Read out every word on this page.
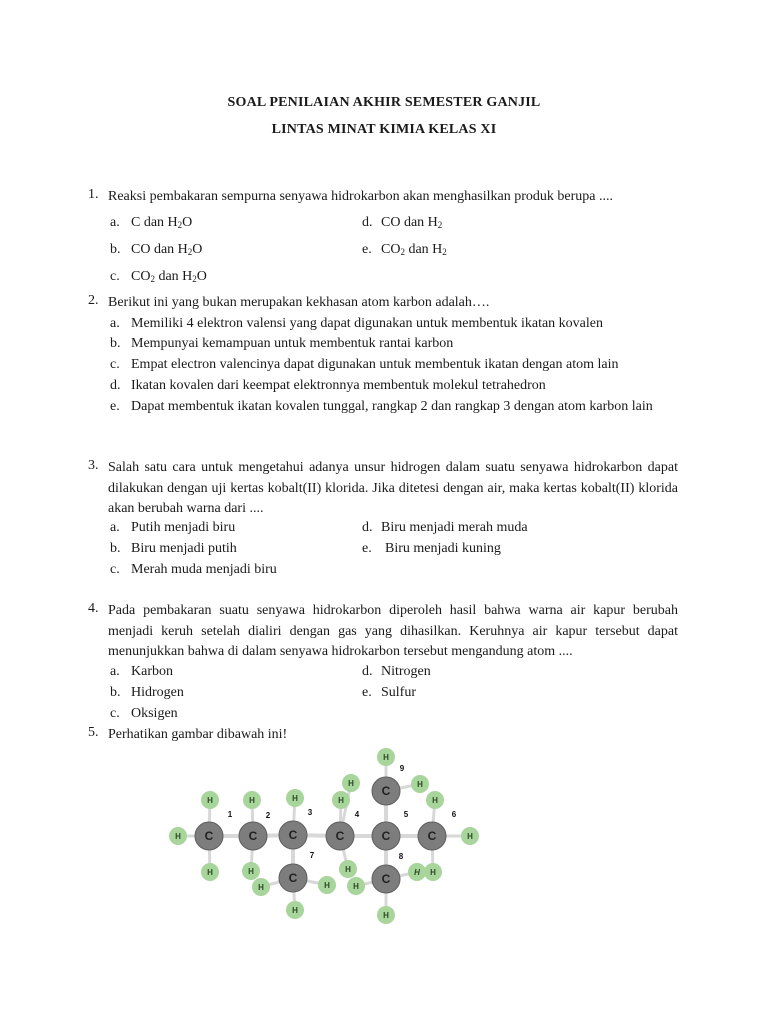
SOAL PENILAIAN AKHIR SEMESTER GANJIL
LINTAS MINAT KIMIA KELAS XI
1. Reaksi pembakaran sempurna senyawa hidrokarbon akan menghasilkan produk berupa ....
a. C dan $H_2O$
b. CO dan $H_2O$
c. $CO_2$ dan $H_2O$
d. CO dan $H_2$
e. $CO_2$ dan $H_2$
2. Berikut ini yang bukan merupakan kekhasan atom karbon adalah….
a. Memiliki 4 elektron valensi yang dapat digunakan untuk membentuk ikatan kovalen
b. Mempunyai kemampuan untuk membentuk rantai karbon
c. Empat electron valencinya dapat digunakan untuk membentuk ikatan dengan atom lain
d. Ikatan kovalen dari keempat elektronnya membentuk molekul tetrahedron
e. Dapat membentuk ikatan kovalen tunggal, rangkap 2 dan rangkap 3 dengan atom karbon lain
3. Salah satu cara untuk mengetahui adanya unsur hidrogen dalam suatu senyawa hidrokarbon dapat dilakukan dengan uji kertas kobalt(II) klorida. Jika ditetesi dengan air, maka kertas kobalt(II) klorida akan berubah warna dari ....
a. Putih menjadi biru
b. Biru menjadi putih
c. Merah muda menjadi biru
d. Biru menjadi merah muda
e. Biru menjadi kuning
4. Pada pembakaran suatu senyawa hidrokarbon diperoleh hasil bahwa warna air kapur berubah menjadi keruh setelah dialiri dengan gas yang dihasilkan. Keruhnya air kapur tersebut dapat menunjukkan bahwa di dalam senyawa hidrokarbon tersebut mengandung atom ....
a. Karbon
b. Hidrogen
c. Oksigen
d. Nitrogen
e. Sulfur
5. Perhatikan gambar dibawah ini!
C	C	C	C	C	C
C	C
C
H
H
H
H
H
H	H
H
H
H
H
H
H
H
H	H
H
H
H
H
1	2	3	4	5	6
7	8
9
